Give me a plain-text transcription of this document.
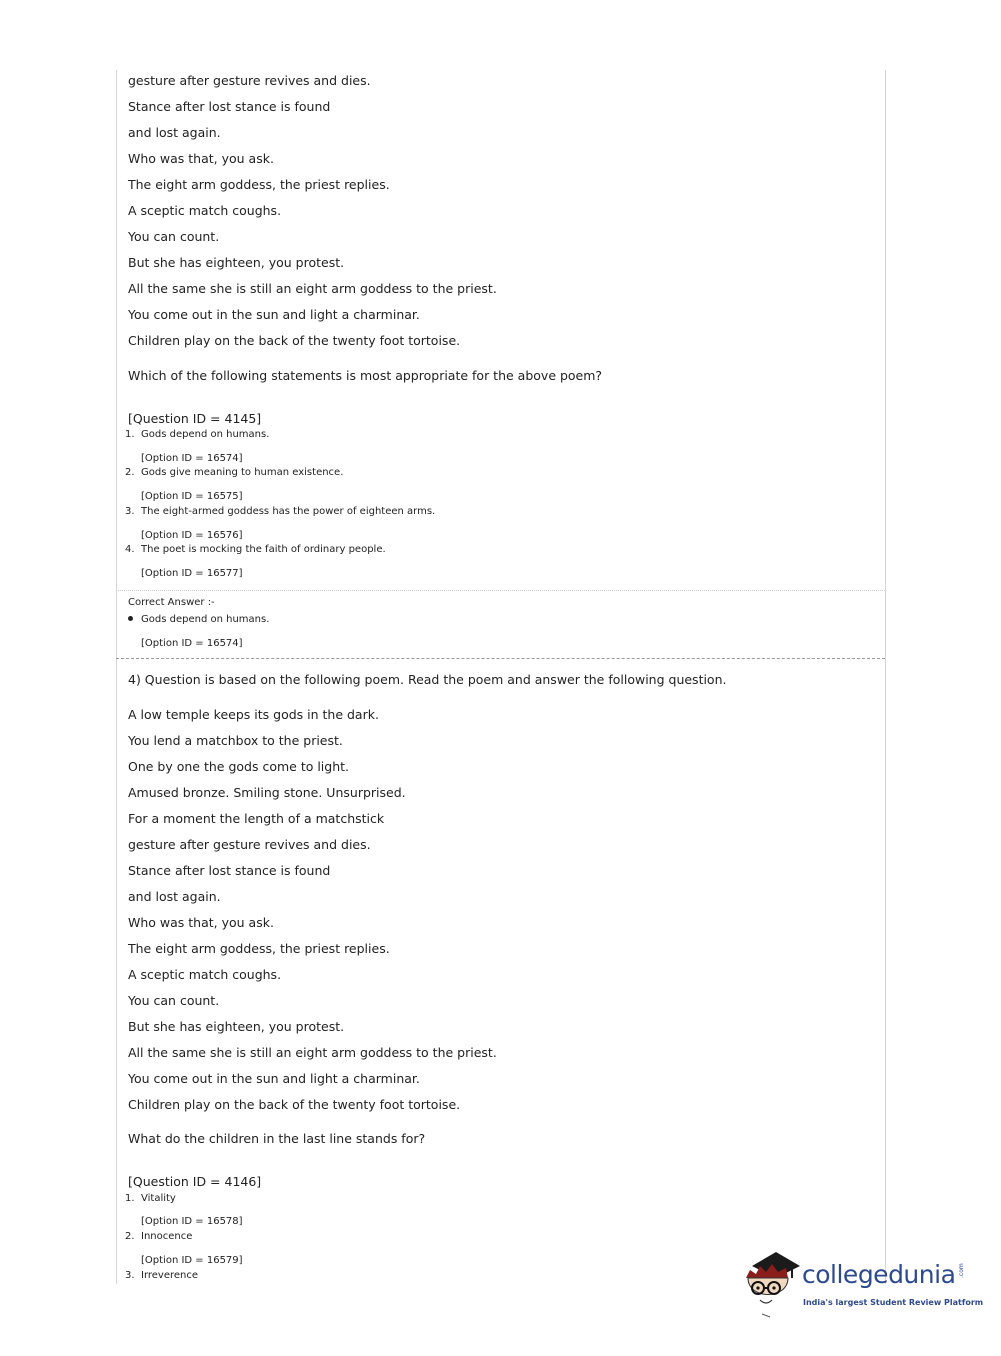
gesture after gesture revives and dies.
Stance after lost stance is found
and lost again.
Who was that, you ask.
The eight arm goddess, the priest replies.
A sceptic match coughs.
You can count.
But she has eighteen, you protest.
All the same she is still an eight arm goddess to the priest.
You come out in the sun and light a charminar.
Children play on the back of the twenty foot tortoise.
Which of the following statements is most appropriate for the above poem?
[Question ID = 4145]
1. Gods depend on humans.
[Option ID = 16574]
2. Gods give meaning to human existence.
[Option ID = 16575]
3. The eight-armed goddess has the power of eighteen arms.
[Option ID = 16576]
4. The poet is mocking the faith of ordinary people.
[Option ID = 16577]
Correct Answer :-
Gods depend on humans.
[Option ID = 16574]
4) Question is based on the following poem. Read the poem and answer the following question.
A low temple keeps its gods in the dark.
You lend a matchbox to the priest.
One by one the gods come to light.
Amused bronze. Smiling stone. Unsurprised.
For a moment the length of a matchstick
gesture after gesture revives and dies.
Stance after lost stance is found
and lost again.
Who was that, you ask.
The eight arm goddess, the priest replies.
A sceptic match coughs.
You can count.
But she has eighteen, you protest.
All the same she is still an eight arm goddess to the priest.
You come out in the sun and light a charminar.
Children play on the back of the twenty foot tortoise.
What do the children in the last line stands for?
[Question ID = 4146]
1. Vitality
[Option ID = 16578]
2. Innocence
[Option ID = 16579]
3. Irreverence	collegedunia .com
India's largest Student Review Platform
